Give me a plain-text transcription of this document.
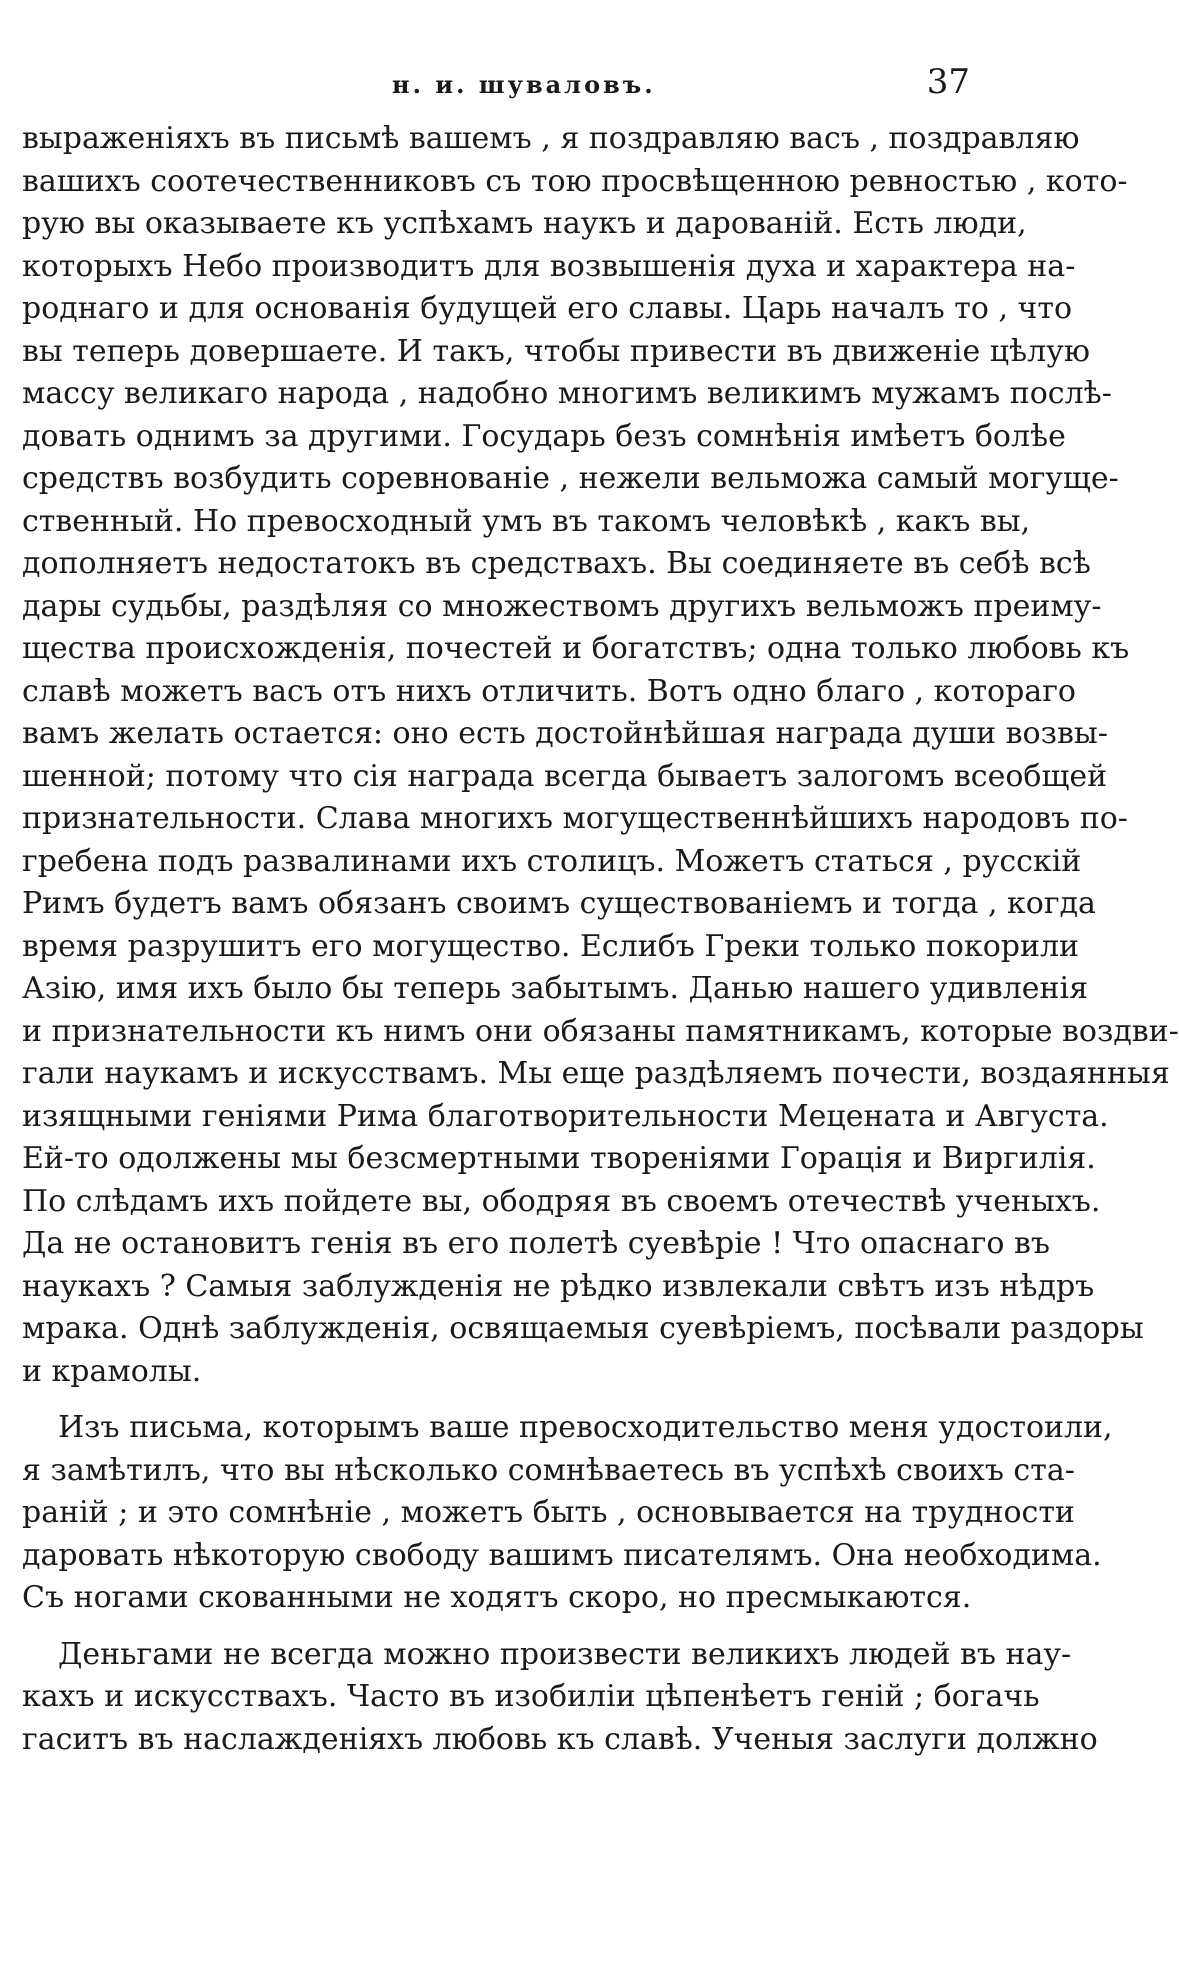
н. и. шуваловъ.	37
выраженіяхъ въ письмѣ вашемъ , я поздравляю васъ , поздравляю
вашихъ соотечественниковъ съ тою просвѣщенною ревностью , кото-
рую вы оказываете къ успѣхамъ наукъ и дарованій. Есть люди,
которыхъ Небо производитъ для возвышенія духа и характера на-
роднаго и для основанія будущей его славы. Царь началъ то , что
вы теперь довершаете. И такъ, чтобы привести въ движеніе цѣлую
массу великаго народа , надобно многимъ великимъ мужамъ послѣ-
довать однимъ за другими. Государь безъ сомнѣнія имѣетъ болѣе
средствъ возбудить соревнованіе , нежели вельможа самый могуще-
ственный. Но превосходный умъ въ такомъ человѣкѣ , какъ вы,
дополняетъ недостатокъ въ средствахъ. Вы соединяете въ себѣ всѣ
дары судьбы, раздѣляя со множествомъ другихъ вельможъ преиму-
щества происхожденія, почестей и богатствъ; одна только любовь къ
славѣ можетъ васъ отъ нихъ отличить. Вотъ одно благо , котораго
вамъ желать остается: оно есть достойнѣйшая награда души возвы-
шенной; потому что сія награда всегда бываетъ залогомъ всеобщей
признательности. Слава многихъ могущественнѣйшихъ народовъ по-
гребена подъ развалинами ихъ столицъ. Можетъ статься , русскій
Римъ будетъ вамъ обязанъ своимъ существованіемъ и тогда , когда
время разрушитъ его могущество. Еслибъ Греки только покорили
Азію, имя ихъ было бы теперь забытымъ. Данью нашего удивленія
и признательности къ нимъ они обязаны памятникамъ, которые воздви-
гали наукамъ и искусствамъ. Мы еще раздѣляемъ почести, воздаянныя
изящными геніями Рима благотворительности Мецената и Августа.
Ей-то одолжены мы безсмертными твореніями Горація и Виргилія.
По слѣдамъ ихъ пойдете вы, ободряя въ своемъ отечествѣ ученыхъ.
Да не остановитъ генія въ его полетѣ суевѣріе ! Что опаснаго въ
наукахъ ? Самыя заблужденія не рѣдко извлекали свѣтъ изъ нѣдръ
мрака. Однѣ заблужденія, освящаемыя суевѣріемъ, посѣвали раздоры
и крамолы.
Изъ письма, которымъ ваше превосходительство меня удостоили,
я замѣтилъ, что вы нѣсколько сомнѣваетесь въ успѣхѣ своихъ ста-
раній ; и это сомнѣніе , можетъ быть , основывается на трудности
даровать нѣкоторую свободу вашимъ писателямъ. Она необходима.
Съ ногами скованными не ходятъ скоро, но пресмыкаются.
Деньгами не всегда можно произвести великихъ людей въ нау-
кахъ и искусствахъ. Часто въ изобиліи цѣпенѣетъ геній ; богачь
гаситъ въ наслажденіяхъ любовь къ славѣ. Ученыя заслуги должно
